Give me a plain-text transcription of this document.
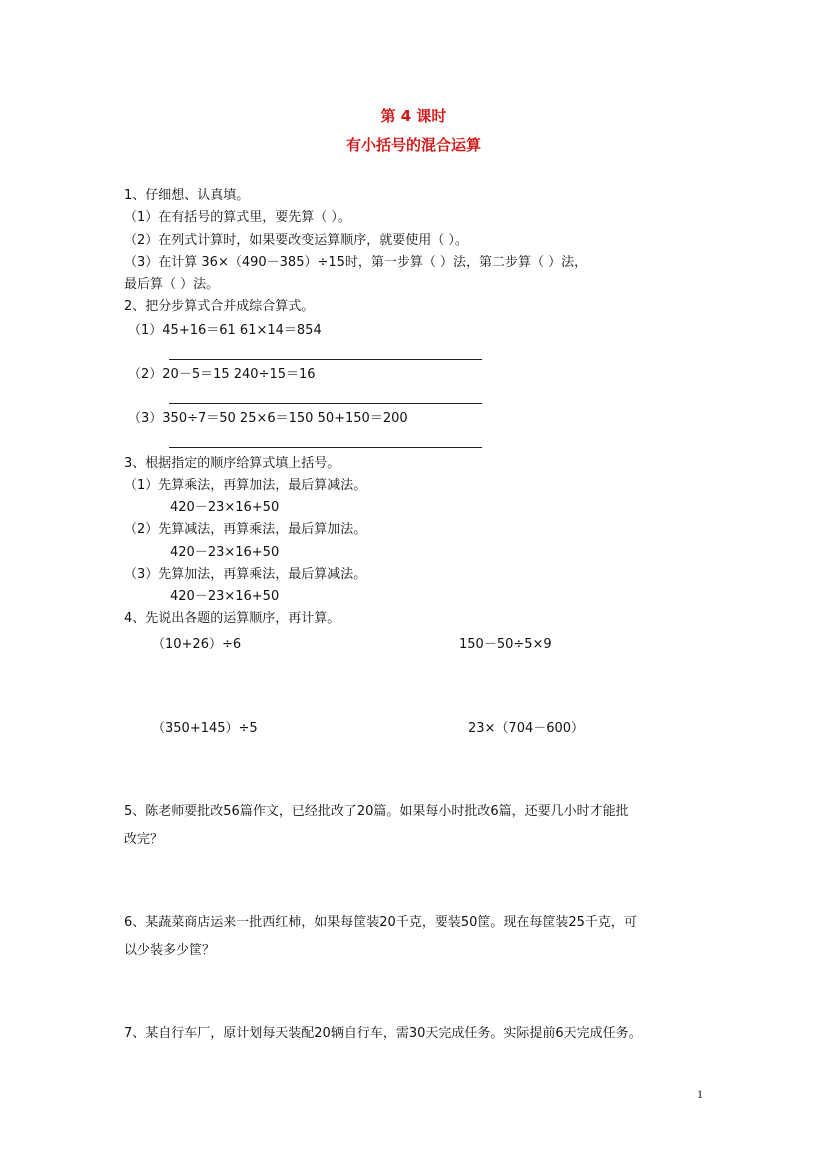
第 4 课时
有小括号的混合运算
1、仔细想、认真填。
（1）在有括号的算式里，要先算（ ）。
（2）在列式计算时，如果要改变运算顺序，就要使用（ ）。
（3）在计算 36×（490－385）÷15时，第一步算（ ）法，第二步算（ ）法，
最后算（ ）法。
2、把分步算式合并成综合算式。
（1）45+16＝61 61×14＝854
（2）20－5＝15 240÷15＝16
（3）350÷7＝50 25×6＝150 50+150＝200
3、根据指定的顺序给算式填上括号。
（1）先算乘法，再算加法，最后算减法。
420－23×16+50
（2）先算减法，再算乘法，最后算加法。
420－23×16+50
（3）先算加法，再算乘法，最后算减法。
420－23×16+50
4、先说出各题的运算顺序，再计算。
（10+26）÷6	150－50÷5×9
（350+145）÷5	23×（704－600）
5、陈老师要批改56篇作文，已经批改了20篇。如果每小时批改6篇，还要几小时才能批
改完？
6、某蔬菜商店运来一批西红柿，如果每筐装20千克，要装50筐。现在每筐装25千克，可
以少装多少筐？
7、某自行车厂，原计划每天装配20辆自行车，需30天完成任务。实际提前6天完成任务。
1
